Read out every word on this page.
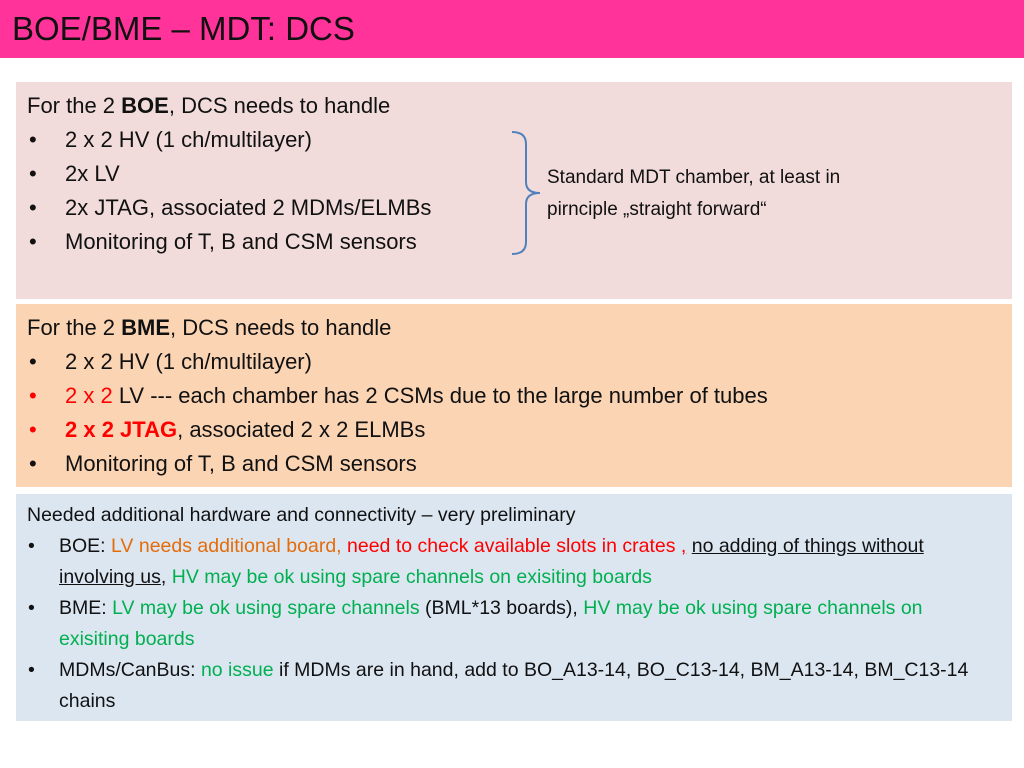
BOE/BME – MDT: DCS
For the 2 BOE, DCS needs to handle
• 2 x 2 HV (1 ch/multilayer)
• 2x LV
• 2x JTAG, associated 2 MDMs/ELMBs
• Monitoring of T, B and CSM sensors
Standard MDT chamber, at least in
pirnciple „straight forward“
For the 2 BME, DCS needs to handle
• 2 x 2 HV (1 ch/multilayer)
• 2 x 2 LV --- each chamber has 2 CSMs due to the large number of tubes
• 2 x 2 JTAG, associated 2 x 2 ELMBs
• Monitoring of T, B and CSM sensors
Needed additional hardware and connectivity – very preliminary
• BOE: LV needs additional board, need to check available slots in crates , no adding of things without involving us, HV may be ok using spare channels on exisiting boards
• BME: LV may be ok using spare channels (BML*13 boards), HV may be ok using spare channels on exisiting boards
• MDMs/CanBus: no issue if MDMs are in hand, add to BO_A13-14, BO_C13-14, BM_A13-14, BM_C13-14 chains
